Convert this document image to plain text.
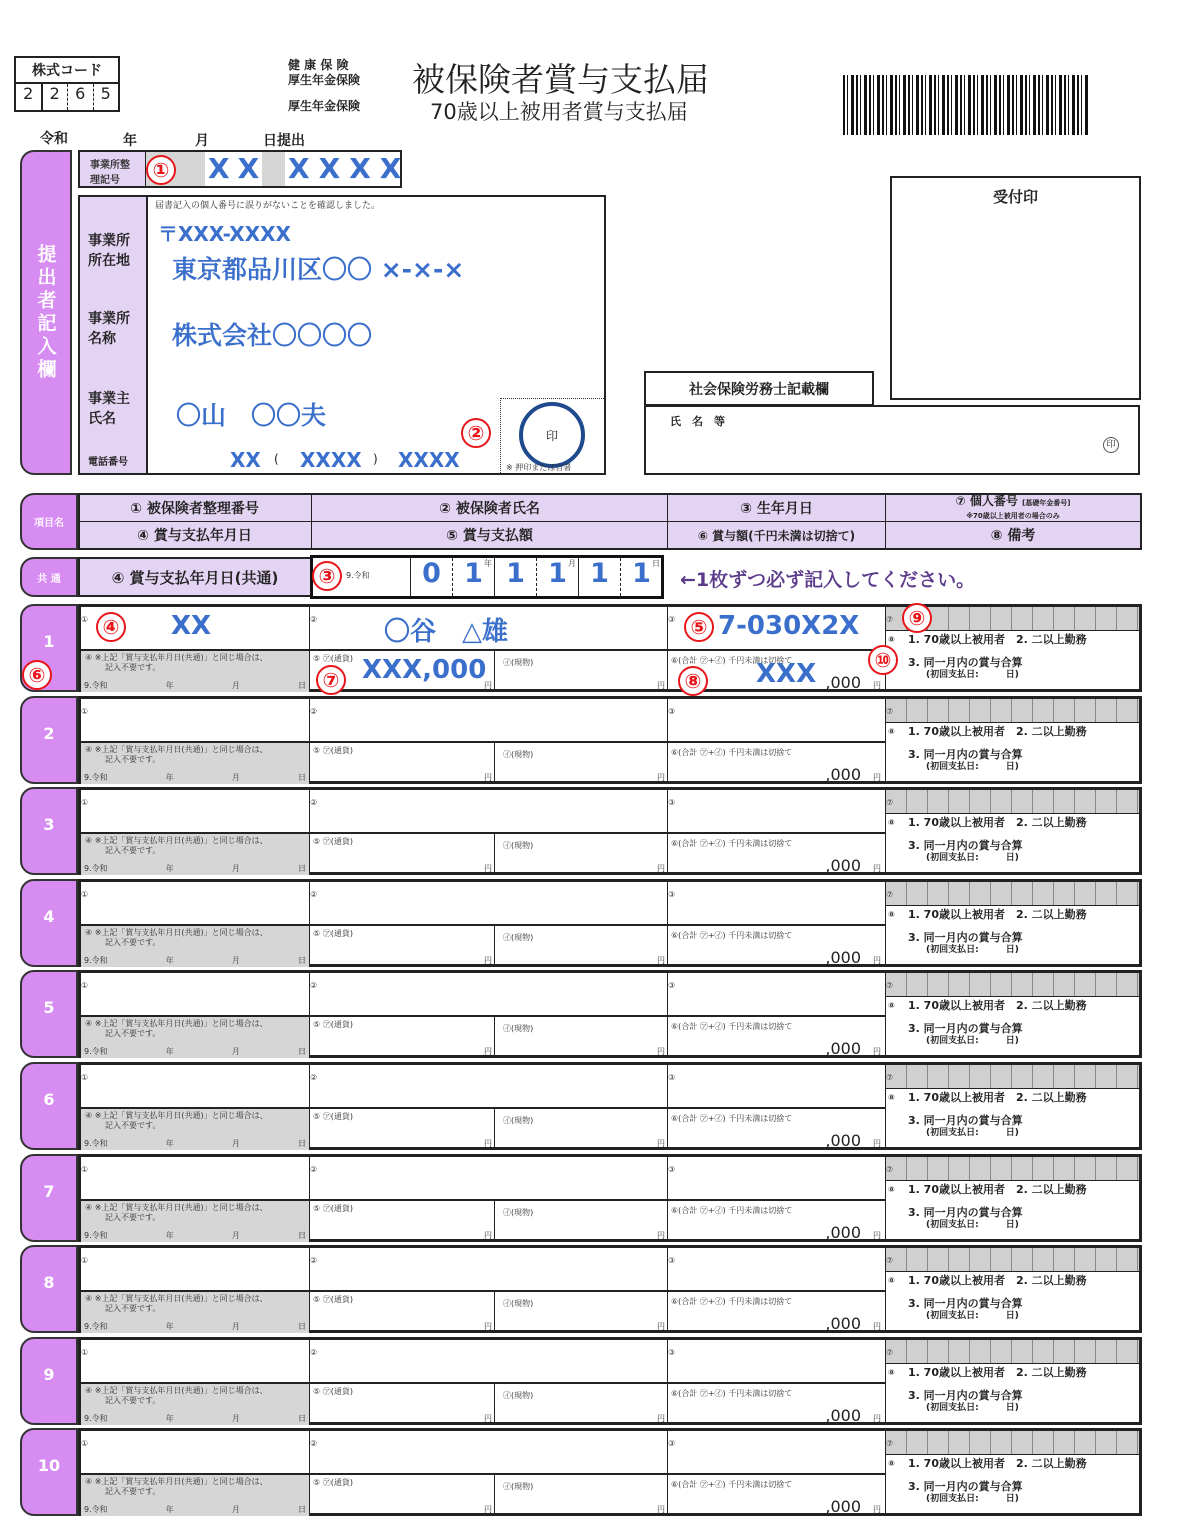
株式コード
2	2 6 5
健 康 保 険
厚生年金保険
厚生年金保険
被保険者賞与支払届
70歳以上被用者賞与支払届
令和	年	月	日提出
提出者記入欄
事業所整理記号	① XX XXXX
事業所所在地
事業所名称
事業主氏名
電話番号
届書記入の個人番号に誤りがないことを確認しました。
〒XXX-XXXX
東京都品川区〇〇 ×-×-×
株式会社〇〇〇〇
〇山　〇〇夫
XX ( XXXX ) XXXX
②	印
※ 押印または自署
受付印
社会保険労務士記載欄
氏　名　等
印
項目名
① 被保険者整理番号	② 被保険者氏名	③ 生年月日	⑦ 個人番号 [基礎年金番号]
※70歳以上被用者の場合のみ
④ 賞与支払年月日	⑤ 賞与支払額	⑥ 賞与額(千円未満は切捨て)	⑧ 備考
共 通	④ 賞与支払年月日(共通)	③	9.令和	0 1 年 1 1 月 1 1 日
←1枚ずつ必ず記入してください。
1
①	XX	②	〇谷　△雄	③ 7-030X2X	⑦
④ ※上記「賞与支払年月日(共通)」と同じ場合は、
記入不要です。
9.令和	年	月	日
⑤ ㋐(通貨) XXX,000
円
㋑(現物)
円
⑥(合計 ㋐+㋑) 千円未満は切捨て
XXX ,000 円
⑧ 1. 70歳以上被用者　2. 二以上勤務
3. 同一月内の賞与合算
(初回支払日:　　　日)
2
①	②	③	⑦
④ ※上記「賞与支払年月日(共通)」と同じ場合は、
記入不要です。
9.令和	年	月	日
⑤ ㋐(通貨)
円
㋑(現物)
円
⑥(合計 ㋐+㋑) 千円未満は切捨て
,000 円
⑧ 1. 70歳以上被用者　2. 二以上勤務
3. 同一月内の賞与合算
(初回支払日:　　　日)
3
①	②	③	⑦
④ ※上記「賞与支払年月日(共通)」と同じ場合は、
記入不要です。
9.令和	年	月	日
⑤ ㋐(通貨)
円
㋑(現物)
円
⑥(合計 ㋐+㋑) 千円未満は切捨て
,000 円
⑧ 1. 70歳以上被用者　2. 二以上勤務
3. 同一月内の賞与合算
(初回支払日:　　　日)
4
①	②	③	⑦
④ ※上記「賞与支払年月日(共通)」と同じ場合は、
記入不要です。
9.令和	年	月	日
⑤ ㋐(通貨)
円
㋑(現物)
円
⑥(合計 ㋐+㋑) 千円未満は切捨て
,000 円
⑧ 1. 70歳以上被用者　2. 二以上勤務
3. 同一月内の賞与合算
(初回支払日:　　　日)
5
①	②	③	⑦
④ ※上記「賞与支払年月日(共通)」と同じ場合は、
記入不要です。
9.令和	年	月	日
⑤ ㋐(通貨)
円
㋑(現物)
円
⑥(合計 ㋐+㋑) 千円未満は切捨て
,000 円
⑧ 1. 70歳以上被用者　2. 二以上勤務
3. 同一月内の賞与合算
(初回支払日:　　　日)
6
①	②	③	⑦
④ ※上記「賞与支払年月日(共通)」と同じ場合は、
記入不要です。
9.令和	年	月	日
⑤ ㋐(通貨)
円
㋑(現物)
円
⑥(合計 ㋐+㋑) 千円未満は切捨て
,000 円
⑧ 1. 70歳以上被用者　2. 二以上勤務
3. 同一月内の賞与合算
(初回支払日:　　　日)
7
①	②	③	⑦
④ ※上記「賞与支払年月日(共通)」と同じ場合は、
記入不要です。
9.令和	年	月	日
⑤ ㋐(通貨)
円
㋑(現物)
円
⑥(合計 ㋐+㋑) 千円未満は切捨て
,000 円
⑧ 1. 70歳以上被用者　2. 二以上勤務
3. 同一月内の賞与合算
(初回支払日:　　　日)
8
①	②	③	⑦
④ ※上記「賞与支払年月日(共通)」と同じ場合は、
記入不要です。
9.令和	年	月	日
⑤ ㋐(通貨)
円
㋑(現物)
円
⑥(合計 ㋐+㋑) 千円未満は切捨て
,000 円
⑧ 1. 70歳以上被用者　2. 二以上勤務
3. 同一月内の賞与合算
(初回支払日:　　　日)
9
①	②	③	⑦
④ ※上記「賞与支払年月日(共通)」と同じ場合は、
記入不要です。
9.令和	年	月	日
⑤ ㋐(通貨)
円
㋑(現物)
円
⑥(合計 ㋐+㋑) 千円未満は切捨て
,000 円
⑧ 1. 70歳以上被用者　2. 二以上勤務
3. 同一月内の賞与合算
(初回支払日:　　　日)
10
①	②	③	⑦
④ ※上記「賞与支払年月日(共通)」と同じ場合は、
記入不要です。
9.令和	年	月	日
⑤ ㋐(通貨)
円
㋑(現物)
円
⑥(合計 ㋐+㋑) 千円未満は切捨て
,000 円
⑧ 1. 70歳以上被用者　2. 二以上勤務
3. 同一月内の賞与合算
(初回支払日:　　　日)
④	⑤
⑥	⑦	⑧
⑨
⑩
